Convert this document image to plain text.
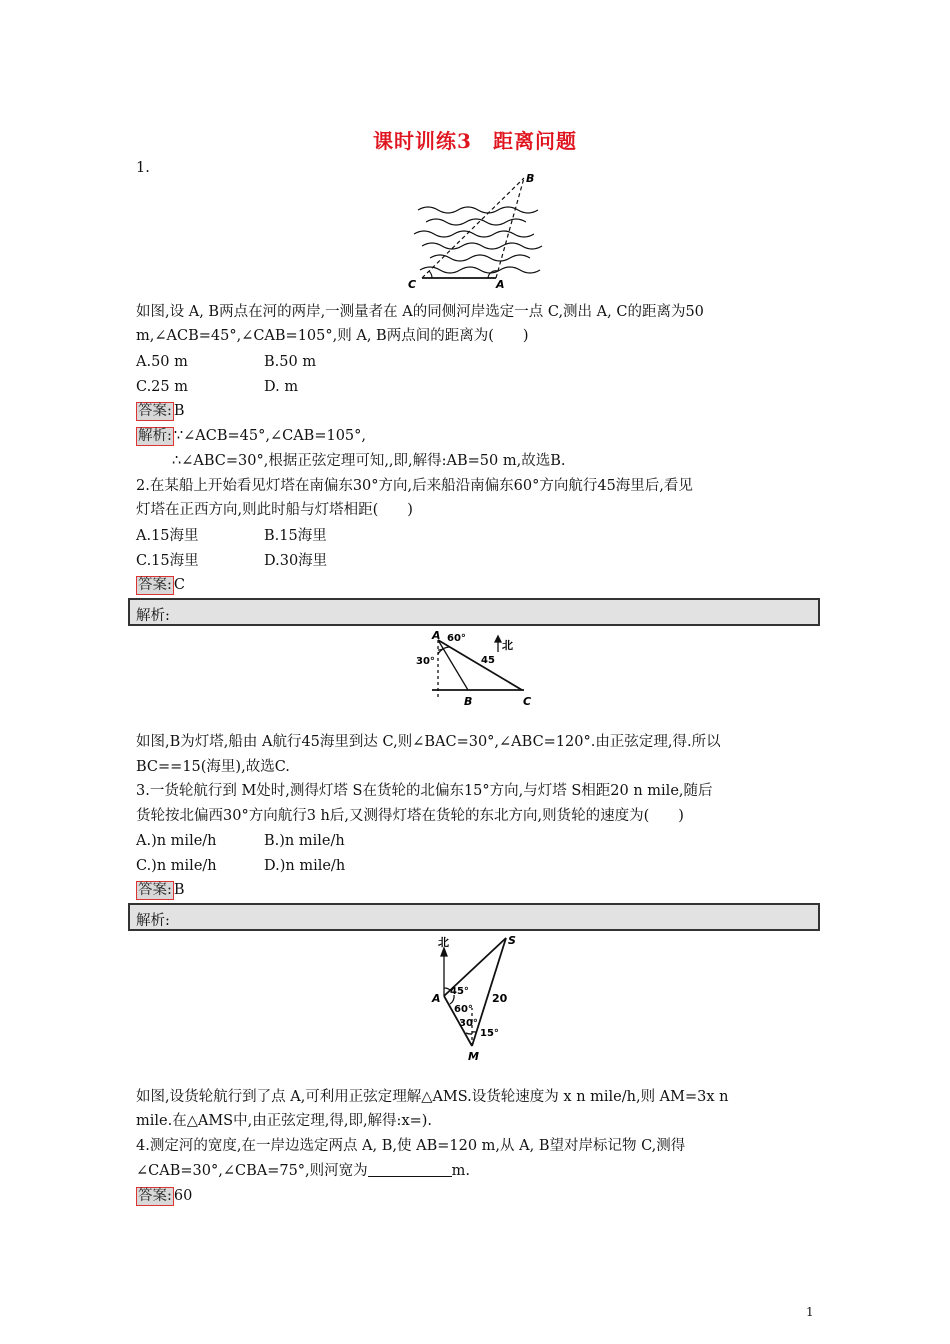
课时训练3　距离问题
1.
B
C	A
如图,设 A, B两点在河的两岸,一测量者在 A的同侧河岸选定一点 C,测出 A, C的距离为50
m,∠ACB=45°,∠CAB=105°,则 A, B两点间的距离为(　　)
A.50 m	B.50 m
C.25 m	D. m
答案: B
解析: ∵∠ACB=45°,∠CAB=105°,
∴∠ABC=30°,根据正弦定理可知,,即,解得:AB=50 m,故选B.
2.在某船上开始看见灯塔在南偏东30°方向,后来船沿南偏东60°方向航行45海里后,看见
灯塔在正西方向,则此时船与灯塔相距(　　)
A.15海里	B.15海里
C.15海里	D.30海里
答案: C
解析:
A 60°
30°	45
北
B	C
如图,B为灯塔,船由 A航行45海里到达 C,则∠BAC=30°,∠ABC=120°.由正弦定理,得.所以
BC==15(海里),故选C.
3.一货轮航行到 M处时,测得灯塔 S在货轮的北偏东15°方向,与灯塔 S相距20 n mile,随后
货轮按北偏西30°方向航行3 h后,又测得灯塔在货轮的东北方向,则货轮的速度为(　　)
A.)n mile/h	B.)n mile/h
C.)n mile/h	D.)n mile/h
答案: B
解析:
北	S
A
45°
60°
30°
15°
20
M
如图,设货轮航行到了点 A,可利用正弦定理解△AMS.设货轮速度为 x n mile/h,则 AM=3x n
mile.在△AMS中,由正弦定理,得,即,解得:x=).
4.测定河的宽度,在一岸边选定两点 A, B,使 AB=120 m,从 A, B望对岸标记物 C,测得
∠CAB=30°,∠CBA=75°,则河宽为	m.
答案: 60
1
